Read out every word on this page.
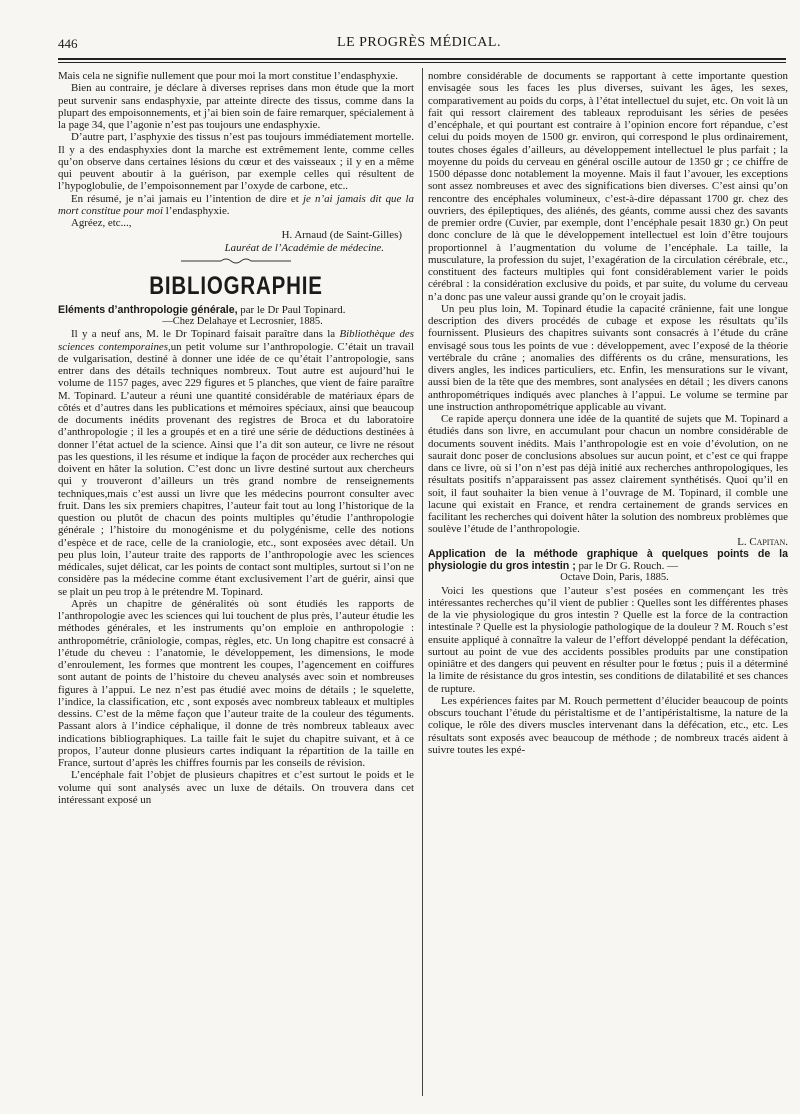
446	LE PROGRÈS MÉDICAL.

Mais cela ne signifie nullement que pour moi la mort constitue l’endasphyxie.

Bien au contraire, je déclare à diverses reprises dans mon étude que la mort peut survenir sans endasphyxie, par atteinte directe des tissus, comme dans la plupart des empoisonnements, et j’ai bien soin de faire remarquer, spécialement à la page 34, que l’agonie n’est pas toujours une endasphyxie.

D’autre part, l’asphyxie des tissus n’est pas toujours immédiatement mortelle. Il y a des endasphyxies dont la marche est extrêmement lente, comme celles qu’on observe dans certaines lésions du cœur et des vaisseaux ; il y en a même qui peuvent aboutir à la guérison, par exemple celles qui résultent de l’hypoglobulie, de l’empoisonnement par l’oxyde de carbone, etc..

En résumé, je n’ai jamais eu l’intention de dire et je n’ai jamais dit que la mort constitue pour moi l’endasphyxie.

Agréez, etc...,

H. Arnaud (de Saint-Gilles)

Lauréat de l’Académie de médecine.

BIBLIOGRAPHIE

Eléments d’anthropologie générale, par le Dr Paul Topinard.

—Chez Delahaye et Lecrosnier, 1885.

Il y a neuf ans, M. le Dr Topinard faisait paraître dans la Bibliothèque des sciences contemporaines,un petit volume sur l’anthropologie. C’était un travail de vulgarisation, destiné à donner une idée de ce qu’était l’antropologie, sans entrer dans des détails techniques nombreux. Tout autre est aujourd’hui le volume de 1157 pages, avec 229 figures et 5 planches, que vient de faire paraître M. Topinard. L’auteur a réuni une quantité considérable de matériaux épars de côtés et d’autres dans les publications et mémoires spéciaux, ainsi que beaucoup de documents inédits provenant des registres de Broca et du laboratoire d’anthropologie ; il les a groupés et en a tiré une série de déductions destinées à donner l’état actuel de la science. Ainsi que l’a dit son auteur, ce livre ne résout pas les questions, il les résume et indique la façon de procéder aux recherches qui doivent en hâter la solution. C’est donc un livre destiné surtout aux chercheurs qui y trouveront d’ailleurs un très grand nombre de renseignements techniques,mais c’est aussi un livre que les médecins pourront consulter avec fruit. Dans les six premiers chapitres, l’auteur fait tout au long l’historique de la question ou plutôt de chacun des points multiples qu’étudie l’anthropologie générale ; l’histoire du monogénisme et du polygénisme, celle des notions d’espèce et de race, celle de la craniologie, etc., sont exposées avec détail. Un peu plus loin, l’auteur traite des rapports de l’anthropologie avec les sciences médicales, sujet délicat, car les points de contact sont multiples, surtout si l’on ne considère pas la médecine comme étant exclusivement l’art de guérir, ainsi que se plait un peu trop à le prétendre M. Topinard.

Après un chapitre de généralités où sont étudiés les rapports de l’anthropologie avec les sciences qui lui touchent de plus près, l’auteur étudie les méthodes générales, et les instruments qu’on emploie en anthropologie : anthropométrie, crâniologie, compas, règles, etc. Un long chapitre est consacré à l’étude du cheveu : l’anatomie, le développement, les dimensions, le mode d’enroulement, les formes que montrent les coupes, l’agencement en coiffures sont autant de points de l’histoire du cheveu analysés avec soin et nombreuses figures à l’appui. Le nez n’est pas étudié avec moins de détails ; le squelette, l’indice, la classification, etc , sont exposés avec nombreux tableaux et multiples dessins. C’est de la même façon que l’auteur traite de la couleur des téguments. Passant alors à l’indice céphalique, il donne de très nombreux tableaux avec indications bibliographiques. La taille fait le sujet du chapitre suivant, et à ce propos, l’auteur donne plusieurs cartes indiquant la répartition de la taille en France, surtout d’après les chiffres fournis par les conseils de révision.

L’encéphale fait l’objet de plusieurs chapitres et c’est surtout le poids et le volume qui sont analysés avec un luxe de détails. On trouvera dans cet intéressant exposé un

nombre considérable de documents se rapportant à cette importante question envisagée sous les faces les plus diverses, suivant les âges, les sexes, comparativement au poids du corps, à l’état intellectuel du sujet, etc. On voit là un fait qui ressort clairement des tableaux reproduisant les séries de pesées d’encéphale, et qui pourtant est contraire à l’opinion encore fort répandue, c’est celui du poids moyen de 1500 gr. environ, qui correspond le plus ordinairement, toutes choses égales d’ailleurs, au développement intellectuel le plus parfait ; la moyenne du poids du cerveau en général oscille autour de 1350 gr ; ce chiffre de 1500 dépasse donc notablement la moyenne. Mais il faut l’avouer, les exceptions sont assez nombreuses et avec des significations bien diverses. C’est ainsi qu’on rencontre des encéphales volumineux, c’est-à-dire dépassant 1700 gr. chez des ouvriers, des épileptiques, des aliénés, des géants, comme aussi chez des savants de premier ordre (Cuvier, par exemple, dont l’encéphale pesait 1830 gr.) On peut donc conclure de là que le développement intellectuel est loin d’être toujours proportionnel à l’augmentation du volume de l’encéphale. La taille, la musculature, la profession du sujet, l’exagération de la circulation cérébrale, etc., constituent des facteurs multiples qui font considérablement varier le poids cérébral : la considération exclusive du poids, et par suite, du volume du cerveau n’a donc pas une valeur aussi grande qu’on le croyait jadis.

Un peu plus loin, M. Topinard étudie la capacité crânienne, fait une longue description des divers procédés de cubage et expose les résultats qu’ils fournissent. Plusieurs des chapitres suivants sont consacrés à l’étude du crâne envisagé sous tous les points de vue : développement, avec l’exposé de la théorie vertébrale du crâne ; anomalies des différents os du crâne, mensurations, les divers angles, les indices particuliers, etc. Enfin, les mensurations sur le vivant, aussi bien de la tête que des membres, sont analysées en détail ; les divers canons anthropométriques indiqués avec planches à l’appui. Le volume se termine par une instruction anthropométrique applicable au vivant.

Ce rapide aperçu donnera une idée de la quantité de sujets que M. Topinard a étudiés dans son livre, en accumulant pour chacun un nombre considérable de documents souvent inédits. Mais l’anthropologie est en voie d’évolution, on ne saurait donc poser de conclusions absolues sur aucun point, et c’est ce qui frappe dans ce livre, où si l’on n’est pas déjà initié aux recherches anthropologiques, les résultats positifs n’apparaissent pas assez clairement synthétisés. Quoi qu’il en soit, il faut souhaiter la bien venue à l’ouvrage de M. Topinard, il comble une lacune qui existait en France, et rendra certainement de grands services en facilitant les recherches qui doivent hâter la solution des nombreux problèmes que soulève l’étude de l’anthropologie.

L. Capitan.

Application de la méthode graphique à quelques points de la physiologie du gros intestin ; par le Dr G. Rouch. —

Octave Doin, Paris, 1885.

Voici les questions que l’auteur s’est posées en commençant les très intéressantes recherches qu’il vient de publier : Quelles sont les différentes phases de la vie physiologique du gros intestin ? Quelle est la force de la contraction intestinale ? Quelle est la physiologie pathologique de la douleur ? M. Rouch s’est ensuite appliqué à connaître la valeur de l’effort développé pendant la défécation, surtout au point de vue des accidents possibles produits par une constipation opiniâtre et des dangers qui peuvent en résulter pour le fœtus ; puis il a déterminé la limite de résistance du gros intestin, ses conditions de dilatabilité et ses chances de rupture.

Les expériences faites par M. Rouch permettent d’élucider beaucoup de points obscurs touchant l’étude du péristaltisme et de l’antipéristaltisme, la nature de la colique, le rôle des divers muscles intervenant dans la défécation, etc., etc. Les résultats sont exposés avec beaucoup de méthode ; de nombreux tracés aident à suivre toutes les expé-
